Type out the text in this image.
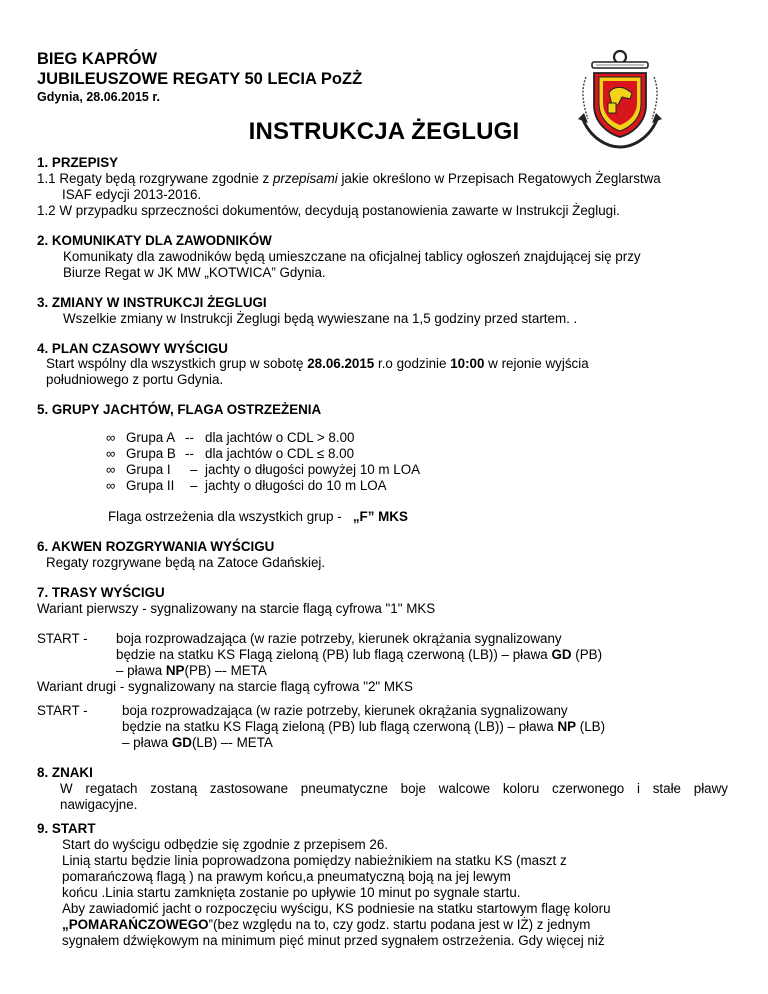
BIEG KAPRÓW
JUBILEUSZOWE REGATY 50 LECIA PoZŻ
Gdynia, 28.06.2015 r.
INSTRUKCJA ŻEGLUGI
1. PRZEPISY
1.1 Regaty będą rozgrywane zgodnie z przepisami jakie określono w Przepisach Regatowych Żeglarstwa
ISAF edycji 2013-2016.
1.2 W przypadku sprzeczności dokumentów, decydują postanowienia zawarte w Instrukcji Żeglugi.
2. KOMUNIKATY DLA ZAWODNIKÓW
Komunikaty dla zawodników będą umieszczane na oficjalnej tablicy ogłoszeń znajdującej się przy
Biurze Regat w JK MW „KOTWICA” Gdynia.
3. ZMIANY W INSTRUKCJI ŻEGLUGI
Wszelkie zmiany w Instrukcji Żeglugi będą wywieszane na 1,5 godziny przed startem. .
4. PLAN CZASOWY WYŚCIGU
Start wspólny dla wszystkich grup w sobotę 28.06.2015 r.o godzinie 10:00 w rejonie wyjścia
południowego z portu Gdynia.
5. GRUPY JACHTÓW, FLAGA OSTRZEŻENIA
∞ Grupa A -- dla jachtów o CDL > 8.00
∞ Grupa B -- dla jachtów o CDL ≤ 8.00
∞ Grupa I – jachty o długości powyżej 10 m LOA
∞ Grupa II – jachty o długości do 10 m LOA
Flaga ostrzeżenia dla wszystkich grup -   „F” MKS
6. AKWEN ROZGRYWANIA WYŚCIGU
Regaty rozgrywane będą na Zatoce Gdańskiej.
7. TRASY WYŚCIGU
Wariant pierwszy - sygnalizowany na starcie flagą cyfrowa "1" MKS
START - boja rozprowadzająca (w razie potrzeby, kierunek okrążania sygnalizowany
będzie na statku KS Flagą zieloną (PB) lub flagą czerwoną (LB)) – pława GD (PB)
– pława NP(PB) –- META
Wariant drugi - sygnalizowany na starcie flagą cyfrowa "2" MKS
START -	boja rozprowadzająca (w razie potrzeby, kierunek okrążania sygnalizowany
będzie na statku KS Flagą zieloną (PB) lub flagą czerwoną (LB)) – pława NP (LB)
– pława GD(LB) –- META
8. ZNAKI
W regatach zostaną zastosowane pneumatyczne boje walcowe koloru czerwonego i stałe pławy
nawigacyjne.
9. START
Start do wyścigu odbędzie się zgodnie z przepisem 26.
Linią startu będzie linia poprowadzona pomiędzy nabieżnikiem na statku KS (maszt z
pomarańczową flagą ) na prawym końcu,a pneumatyczną boją na jej lewym
końcu .Linia startu zamknięta zostanie po upływie 10 minut po sygnale startu.
Aby zawiadomić jacht o rozpoczęciu wyścigu, KS podniesie na statku startowym flagę koloru
„POMARAŃCZOWEGO”(bez względu na to, czy godz. startu podana jest w IŻ) z jednym
sygnałem dźwiękowym na minimum pięć minut przed sygnałem ostrzeżenia. Gdy więcej niż
